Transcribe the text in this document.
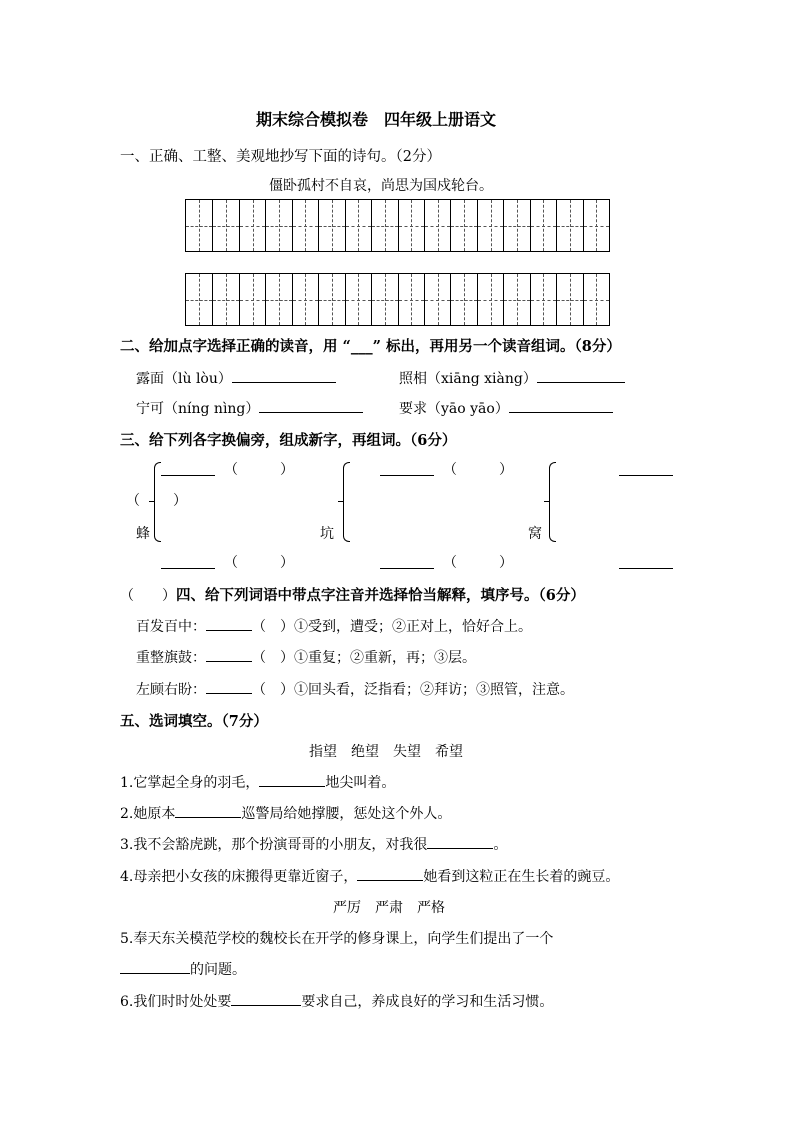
期末综合模拟卷　四年级上册语文
一、正确、工整、美观地抄写下面的诗句。（2分）
僵卧孤村不自哀，尚思为国戍轮台。
二、给加点字选择正确的读音，用 “___” 标出，再用另一个读音组词。（8分）
露面（lù lòu）	照相（xiāng xiàng）
宁可（níng nìng）	要求（yāo yāo）
三、给下列各字换偏旁，组成新字，再组词。（6分）
蜂
（　　　）
（ ）
（　　　）
坑
（　　　）
（　　　）
窝
（　　）四、给下列词语中带点字注音并选择恰当解释，填序号。（6分）
百发百中：	（　）①受到，遭受；②正对上，恰好合上。
重整旗鼓：	（　）①重复；②重新，再；③层。
左顾右盼：	（　）①回头看，泛指看；②拜访；③照管，注意。
五、选词填空。（7分）
指望　绝望　失望　希望
1.它掌起全身的羽毛，	地尖叫着。
2.她原本	巡警局给她撑腰，惩处这个外人。
3.我不会豁虎跳，那个扮演哥哥的小朋友，对我很	。
4.母亲把小女孩的床搬得更靠近窗子，	她看到这粒正在生长着的豌豆。
严厉　严肃　严格
5.奉天东关模范学校的魏校长在开学的修身课上，向学生们提出了一个
的问题。
6.我们时时处处要	要求自己，养成良好的学习和生活习惯。
